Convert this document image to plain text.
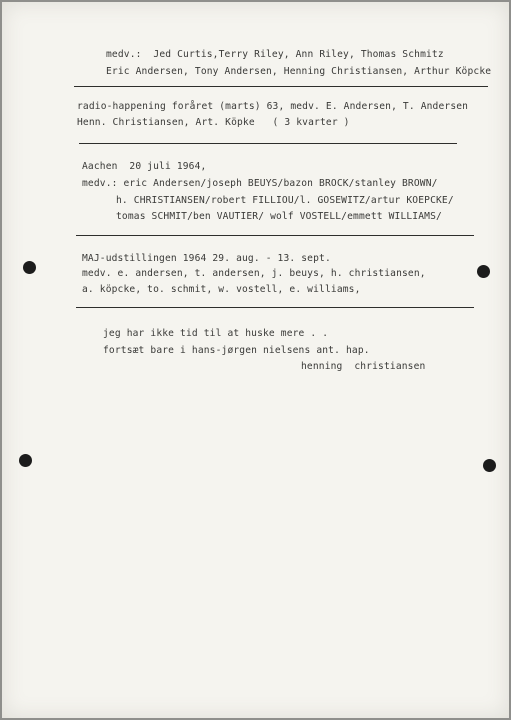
medv.:  Jed Curtis,Terry Riley, Ann Riley, Thomas Schmitz
Eric Andersen, Tony Andersen, Henning Christiansen, Arthur Köpcke
radio-happening foråret (marts) 63, medv. E. Andersen, T. Andersen
Henn. Christiansen, Art. Köpke   ( 3 kvarter )
Aachen  20 juli 1964,
medv.: eric Andersen/joseph BEUYS/bazon BROCK/stanley BROWN/
h. CHRISTIANSEN/robert FILLIOU/l. GOSEWITZ/artur KOEPCKE/
tomas SCHMIT/ben VAUTIER/ wolf VOSTELL/emmett WILLIAMS/
MAJ-udstillingen 1964 29. aug. - 13. sept.
medv. e. andersen, t. andersen, j. beuys, h. christiansen,
a. köpcke, to. schmit, w. vostell, e. williams,
jeg har ikke tid til at huske mere . .
fortsæt bare i hans-jørgen nielsens ant. hap.
henning  christiansen
